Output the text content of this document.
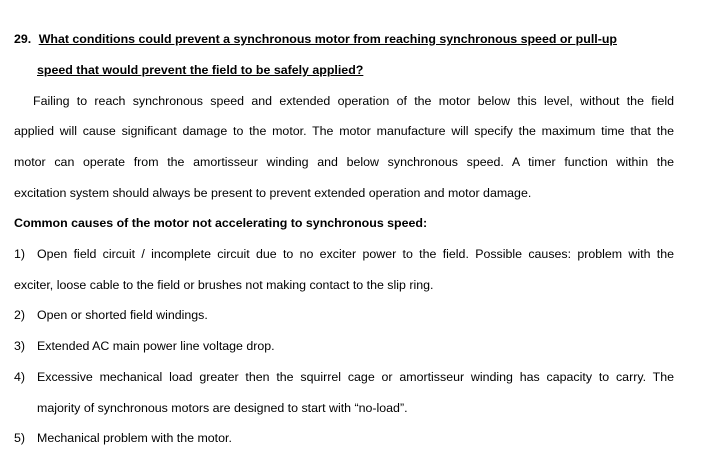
29. What conditions could prevent a synchronous motor from reaching synchronous speed or pull-up
speed that would prevent the field to be safely applied?
Failing to reach synchronous speed and extended operation of the motor below this level, without the field
applied will cause significant damage to the motor. The motor manufacture will specify the maximum time that the
motor can operate from the amortisseur winding and below synchronous speed. A timer function within the
excitation system should always be present to prevent extended operation and motor damage.
Common causes of the motor not accelerating to synchronous speed:
1) Open field circuit / incomplete circuit due to no exciter power to the field. Possible causes: problem with the
exciter, loose cable to the field or brushes not making contact to the slip ring.
2) Open or shorted field windings.
3) Extended AC main power line voltage drop.
4) Excessive mechanical load greater then the squirrel cage or amortisseur winding has capacity to carry. The
majority of synchronous motors are designed to start with “no-load”.
5) Mechanical problem with the motor.
